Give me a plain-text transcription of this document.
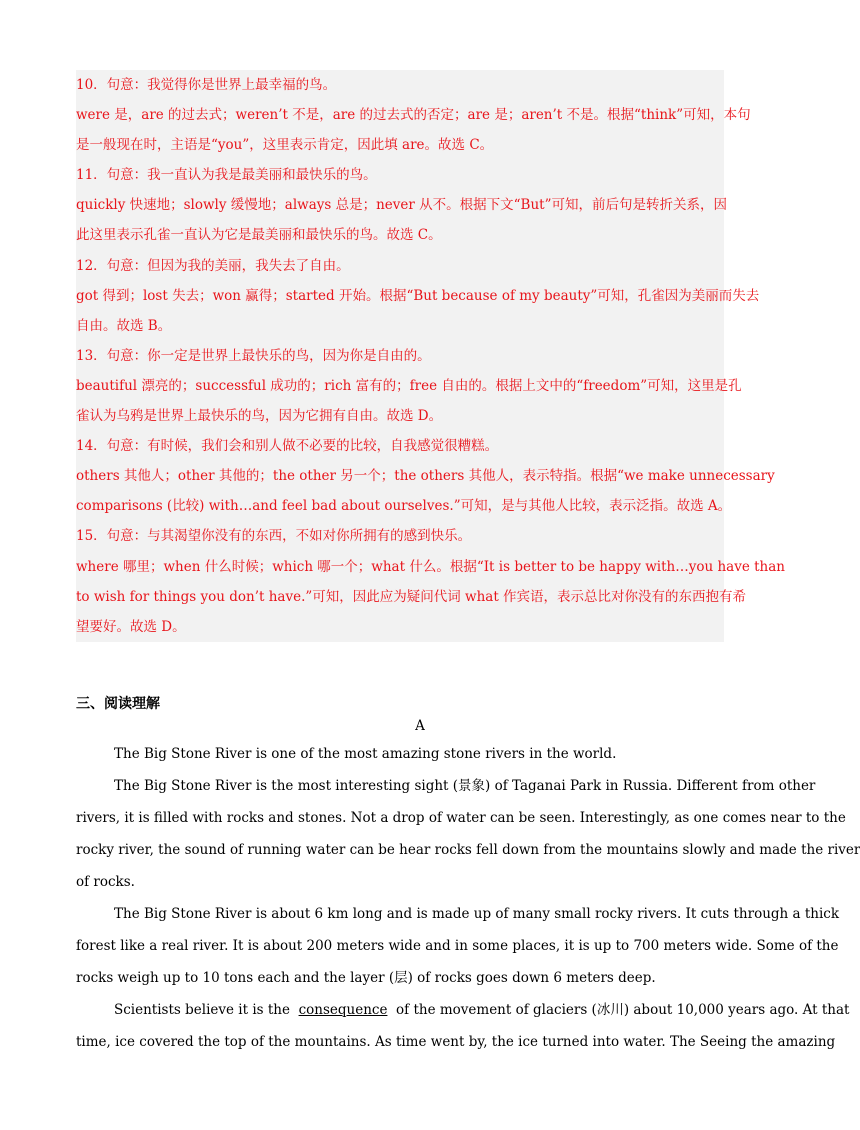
10．句意：我觉得你是世界上最幸福的鸟。
were 是，are 的过去式；weren’t 不是，are 的过去式的否定；are 是；aren’t 不是。根据“think”可知，本句
是一般现在时，主语是“you”，这里表示肯定，因此填 are。故选 C。
11．句意：我一直认为我是最美丽和最快乐的鸟。
quickly 快速地；slowly 缓慢地；always 总是；never 从不。根据下文“But”可知，前后句是转折关系，因
此这里表示孔雀一直认为它是最美丽和最快乐的鸟。故选 C。
12．句意：但因为我的美丽，我失去了自由。
got 得到；lost 失去；won 赢得；started 开始。根据“But because of my beauty”可知，孔雀因为美丽而失去
自由。故选 B。
13．句意：你一定是世界上最快乐的鸟，因为你是自由的。
beautiful 漂亮的；successful 成功的；rich 富有的；free 自由的。根据上文中的“freedom”可知，这里是孔
雀认为乌鸦是世界上最快乐的鸟，因为它拥有自由。故选 D。
14．句意：有时候，我们会和别人做不必要的比较，自我感觉很糟糕。
others 其他人；other 其他的；the other 另一个；the others 其他人，表示特指。根据“we make unnecessary
comparisons (比较) with…and feel bad about ourselves.”可知，是与其他人比较，表示泛指。故选 A。
15．句意：与其渴望你没有的东西，不如对你所拥有的感到快乐。
where 哪里；when 什么时候；which 哪一个；what 什么。根据“It is better to be happy with…you have than
to wish for things you don’t have.”可知，因此应为疑问代词 what 作宾语，表示总比对你没有的东西抱有希
望要好。故选 D。
三、阅读理解
A
The Big Stone River is one of the most amazing stone rivers in the world.
The Big Stone River is the most interesting sight (景象) of Taganai Park in Russia. Different from other
rivers, it is filled with rocks and stones. Not a drop of water can be seen. Interestingly, as one comes near to the
rocky river, the sound of running water can be hear rocks fell down from the mountains slowly and made the river
of rocks.
The Big Stone River is about 6 km long and is made up of many small rocky rivers. It cuts through a thick
forest like a real river. It is about 200 meters wide and in some places, it is up to 700 meters wide. Some of the
rocks weigh up to 10 tons each and the layer (层) of rocks goes down 6 meters deep.
Scientists believe it is the consequence of the movement of glaciers (冰川) about 10,000 years ago. At that
time, ice covered the top of the mountains. As time went by, the ice turned into water. The Seeing the amazing
